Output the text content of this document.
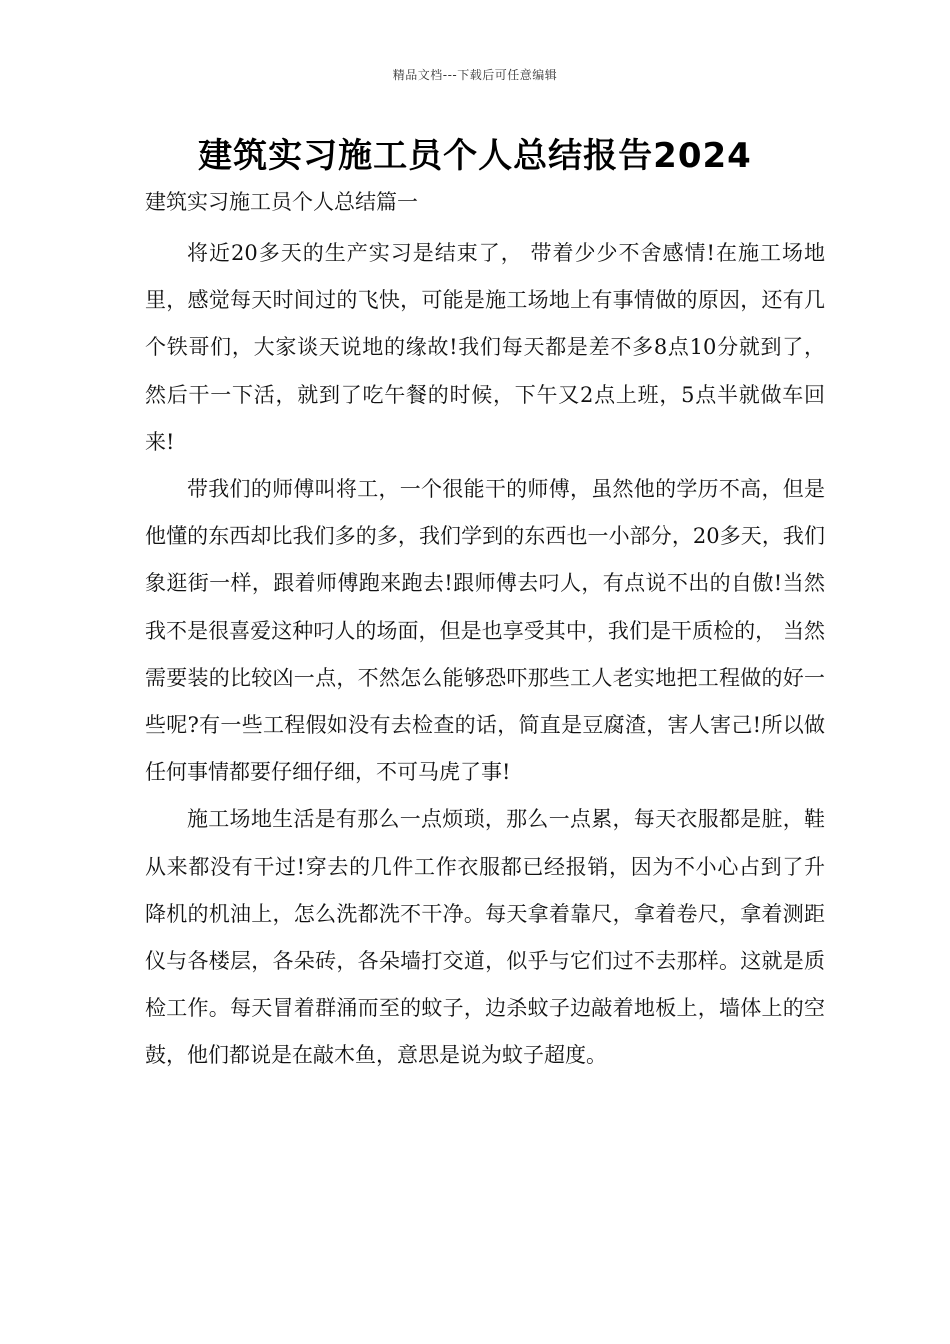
精品文档---下载后可任意编辑
建筑实习施工员个人总结报告2024
建筑实习施工员个人总结篇一

将近20多天的生产实习是结束了， 带着少少不舍感情!在施工场地里，感觉每天时间过的飞快，可能是施工场地上有事情做的原因，还有几个铁哥们，大家谈天说地的缘故!我们每天都是差不多8点10分就到了， 然后干一下活，就到了吃午餐的时候，下午又2点上班，5点半就做车回来!

带我们的师傅叫将工，一个很能干的师傅，虽然他的学历不高，但是他懂的东西却比我们多的多，我们学到的东西也一小部分，20多天，我们象逛街一样，跟着师傅跑来跑去!跟师傅去叼人，有点说不出的自傲!当然我不是很喜爱这种叼人的场面，但是也享受其中，我们是干质检的， 当然需要装的比较凶一点，不然怎么能够恐吓那些工人老实地把工程做的好一些呢?有一些工程假如没有去检查的话，简直是豆腐渣，害人害己!所以做任何事情都要仔细仔细，不可马虎了事!

施工场地生活是有那么一点烦琐，那么一点累，每天衣服都是脏，鞋从来都没有干过!穿去的几件工作衣服都已经报销，因为不小心占到了升降机的机油上，怎么洗都洗不干净。每天拿着靠尺，拿着卷尺，拿着测距仪与各楼层，各朵砖，各朵墙打交道，似乎与它们过不去那样。这就是质检工作。每天冒着群涌而至的蚊子，边杀蚊子边敲着地板上，墙体上的空鼓，他们都说是在敲木鱼，意思是说为蚊子超度。
